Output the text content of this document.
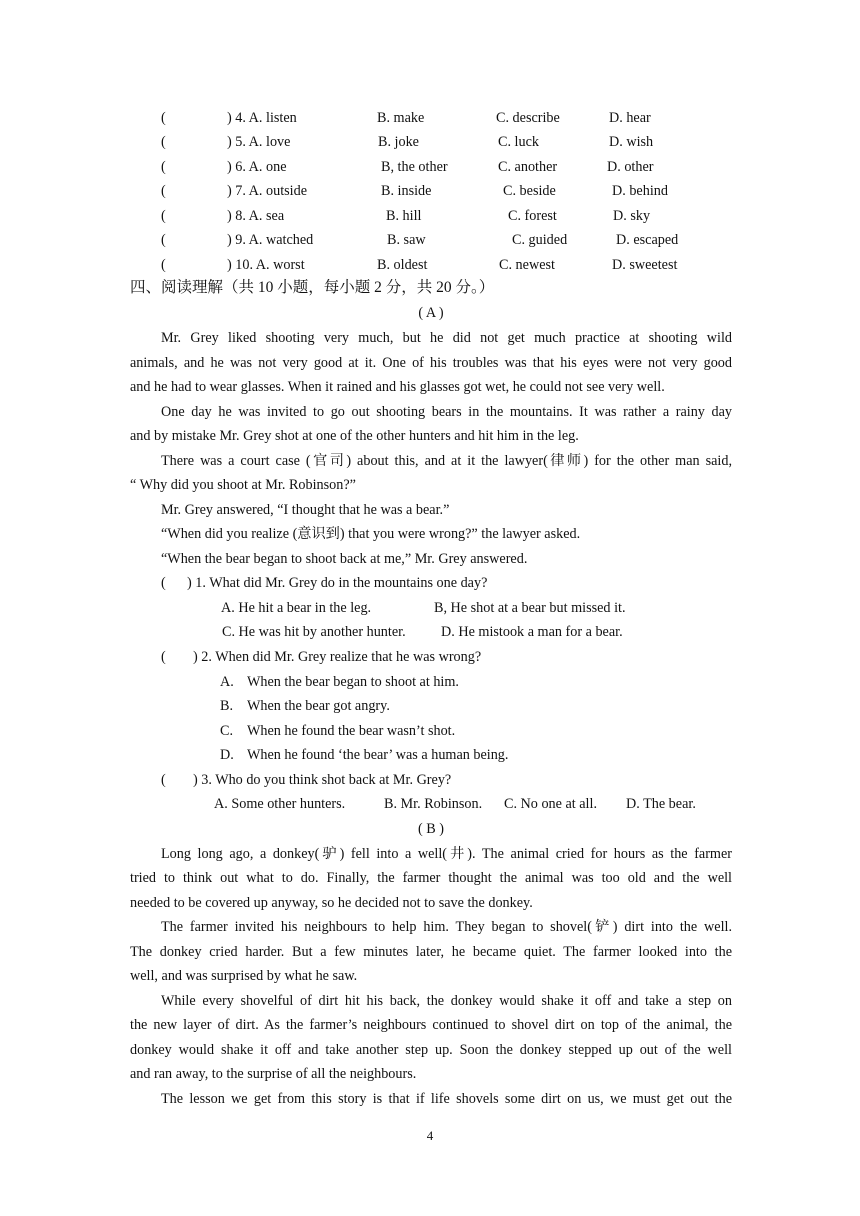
(	) 4. A. listen	B. make	C. describe	D. hear
(	) 5. A. love	B. joke	C. luck	D. wish
(	) 6. A. one	B, the other	C. another	D. other
(	) 7. A. outside	B. inside	C. beside	D. behind
(	) 8. A. sea	B. hill	C. forest	D. sky
(	) 9. A. watched	B. saw	C. guided	D. escaped
(	) 10. A. worst	B. oldest	C. newest	D. sweetest
四、阅读理解（共 10 小题，每小题 2 分，共 20 分。）
( A )
Mr. Grey liked shooting very much, but he did not get much practice at shooting wild
animals, and he was not very good at it. One of his troubles was that his eyes were not very good
and he had to wear glasses. When it rained and his glasses got wet, he could not see very well.
One day he was invited to go out shooting bears in the mountains. It was rather a rainy day
and by mistake Mr. Grey shot at one of the other hunters and hit him in the leg.
There was a court case (官司) about this, and at it the lawyer(律师) for the other man said,
“ Why did you shoot at Mr. Robinson?”
Mr. Grey answered, “I thought that he was a bear.”
“When did you realize (意识到) that you were wrong?” the lawyer asked.
“When the bear began to shoot back at me,” Mr. Grey answered.
( ) 1. What did Mr. Grey do in the mountains one day?
A. He hit a bear in the leg.	B, He shot at a bear but missed it.
C. He was hit by another hunter. D. He mistook a man for a bear.
( ) 2. When did Mr. Grey realize that he was wrong?
A. When the bear began to shoot at him.
B. When the bear got angry.
C. When he found the bear wasn’t shot.
D. When he found ‘the bear’ was a human being.
( ) 3. Who do you think shot back at Mr. Grey?
A. Some other hunters.	B. Mr. Robinson. C. No one at all. D. The bear.
( B )
Long long ago, a donkey(驴) fell into a well(井). The animal cried for hours as the farmer
tried to think out what to do. Finally, the farmer thought the animal was too old and the well
needed to be covered up anyway, so he decided not to save the donkey.
The farmer invited his neighbours to help him. They began to shovel(铲) dirt into the well.
The donkey cried harder. But a few minutes later, he became quiet. The farmer looked into the
well, and was surprised by what he saw.
While every shovelful of dirt hit his back, the donkey would shake it off and take a step on
the new layer of dirt. As the farmer’s neighbours continued to shovel dirt on top of the animal, the
donkey would shake it off and take another step up. Soon the donkey stepped up out of the well
and ran away, to the surprise of all the neighbours.
The lesson we get from this story is that if life shovels some dirt on us, we must get out the
4
